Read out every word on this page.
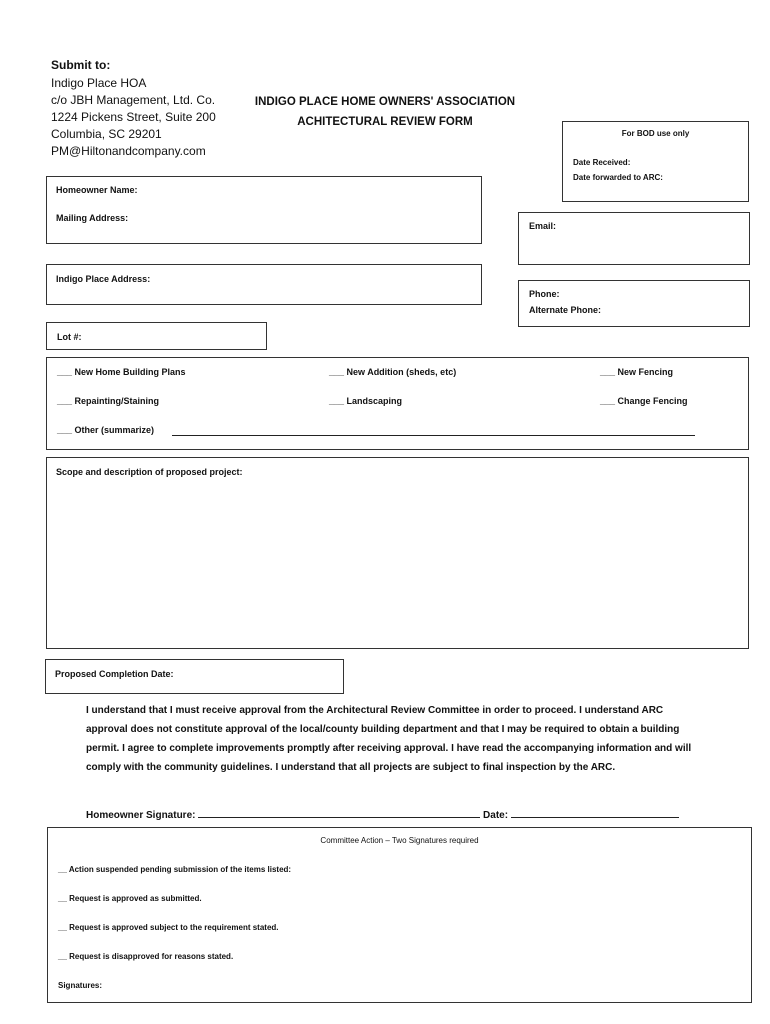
Submit to:
Indigo Place HOA
c/o JBH Management, Ltd. Co.
1224 Pickens Street, Suite 200
Columbia, SC 29201
PM@Hiltonandcompany.com
INDIGO PLACE HOME OWNERS' ASSOCIATION
ACHITECTURAL REVIEW FORM
For BOD use only
Date Received:
Date forwarded to ARC:
Homeowner Name:
Mailing Address:
Email:
Indigo Place Address:
Phone:
Alternate Phone:
Lot #:
___ New Home Building Plans	___ New Addition (sheds, etc)	___ New Fencing
___ Repainting/Staining	___ Landscaping	___ Change Fencing
___ Other (summarize)
Scope and description of proposed project:
Proposed Completion Date:
I understand that I must receive approval from the Architectural Review Committee in order to proceed. I understand ARC approval does not constitute approval of the local/county building department and that I may be required to obtain a building permit. I agree to complete improvements promptly after receiving approval. I have read the accompanying information and will comply with the community guidelines. I understand that all projects are subject to final inspection by the ARC.
Homeowner Signature:	Date:
Committee Action – Two Signatures required
__ Action suspended pending submission of the items listed:
__ Request is approved as submitted.
__ Request is approved subject to the requirement stated.
__ Request is disapproved for reasons stated.
Signatures:
